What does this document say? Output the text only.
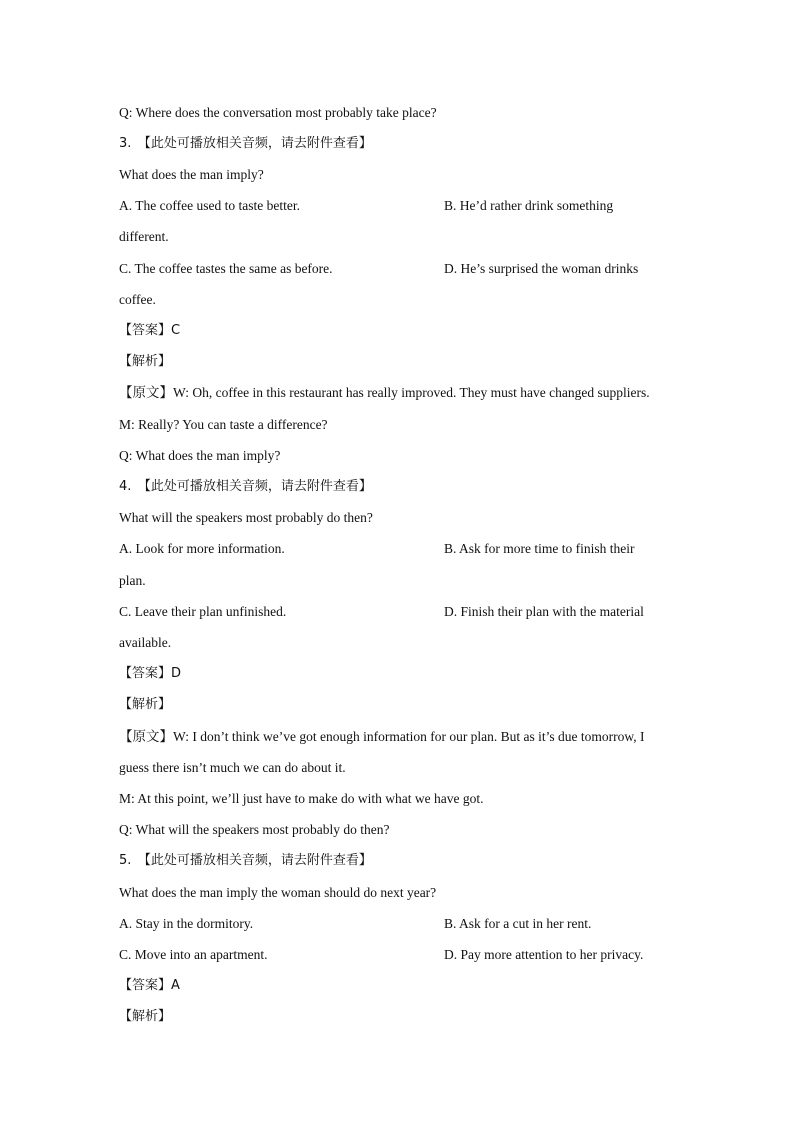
Q: Where does the conversation most probably take place?
3.　【此处可播放相关音频，请去附件查看】
What does the man imply?
A. The coffee used to taste better.	B. He’d rather drink something
different.
C. The coffee tastes the same as before.	D. He’s surprised the woman drinks
coffee.
【答案】C
【解析】
【原文】W: Oh, coffee in this restaurant has really improved. They must have changed suppliers.
M: Really? You can taste a difference?
Q: What does the man imply?
4.　【此处可播放相关音频，请去附件查看】
What will the speakers most probably do then?
A. Look for more information.	B. Ask for more time to finish their
plan.
C. Leave their plan unfinished.	D. Finish their plan with the material
available.
【答案】D
【解析】
【原文】W: I don’t think we’ve got enough information for our plan. But as it’s due tomorrow, I
guess there isn’t much we can do about it.
M: At this point, we’ll just have to make do with what we have got.
Q: What will the speakers most probably do then?
5.　【此处可播放相关音频，请去附件查看】
What does the man imply the woman should do next year?
A. Stay in the dormitory.	B. Ask for a cut in her rent.
C. Move into an apartment.	D. Pay more attention to her privacy.
【答案】A
【解析】
